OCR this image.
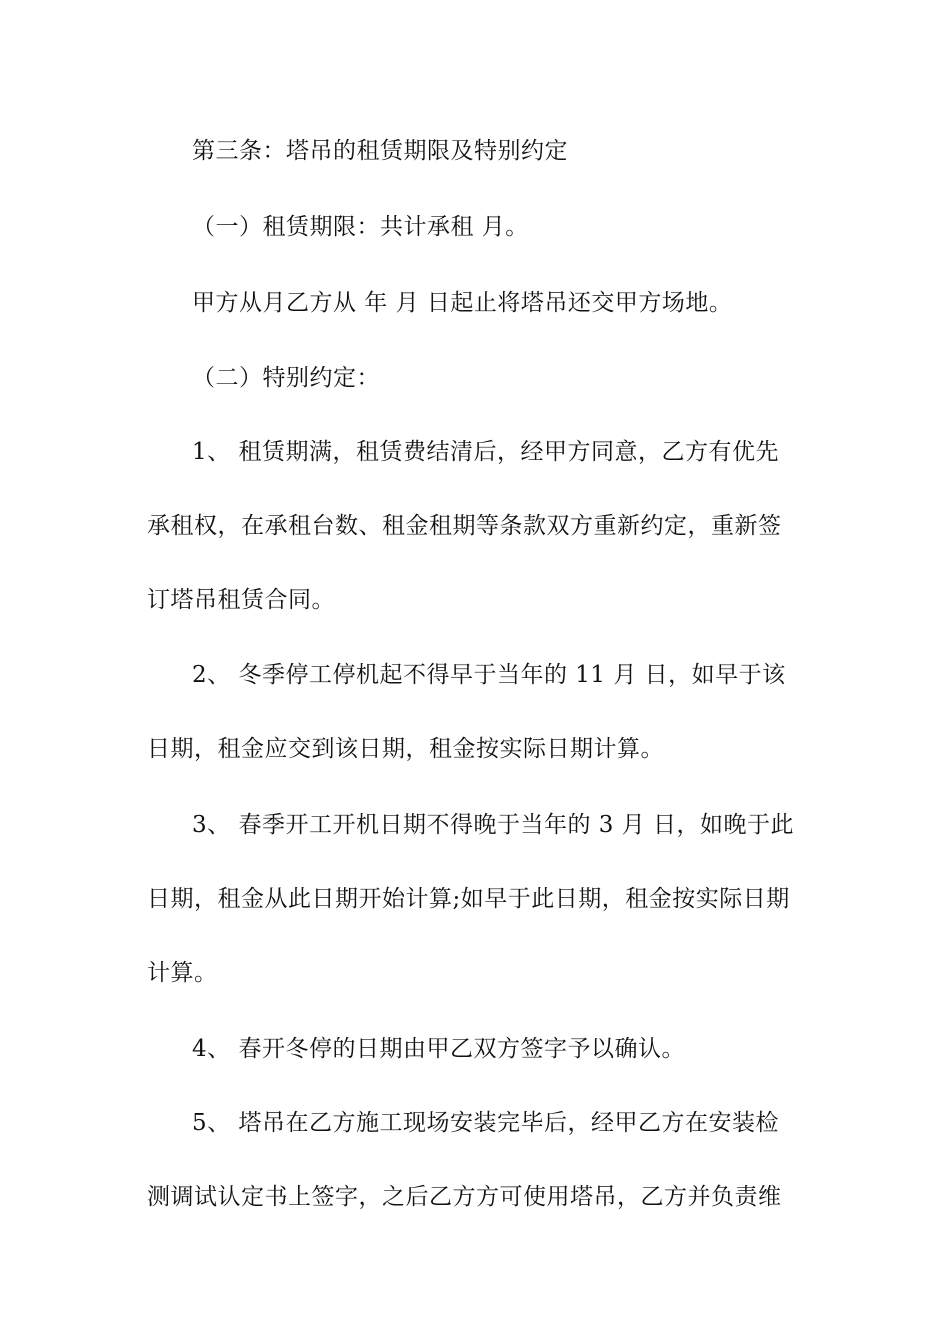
第三条：塔吊的租赁期限及特别约定
（一）租赁期限：共计承租 月。
甲方从月乙方从 年 月 日起止将塔吊还交甲方场地。
（二）特别约定：
1、 租赁期满，租赁费结清后，经甲方同意，乙方有优先
承租权，在承租台数、租金租期等条款双方重新约定，重新签
订塔吊租赁合同。
2、 冬季停工停机起不得早于当年的 11 月 日，如早于该
日期，租金应交到该日期，租金按实际日期计算。
3、 春季开工开机日期不得晚于当年的 3 月 日，如晚于此
日期，租金从此日期开始计算;如早于此日期，租金按实际日期
计算。
4、 春开冬停的日期由甲乙双方签字予以确认。
5、 塔吊在乙方施工现场安装完毕后，经甲乙方在安装检
测调试认定书上签字，之后乙方方可使用塔吊，乙方并负责维
